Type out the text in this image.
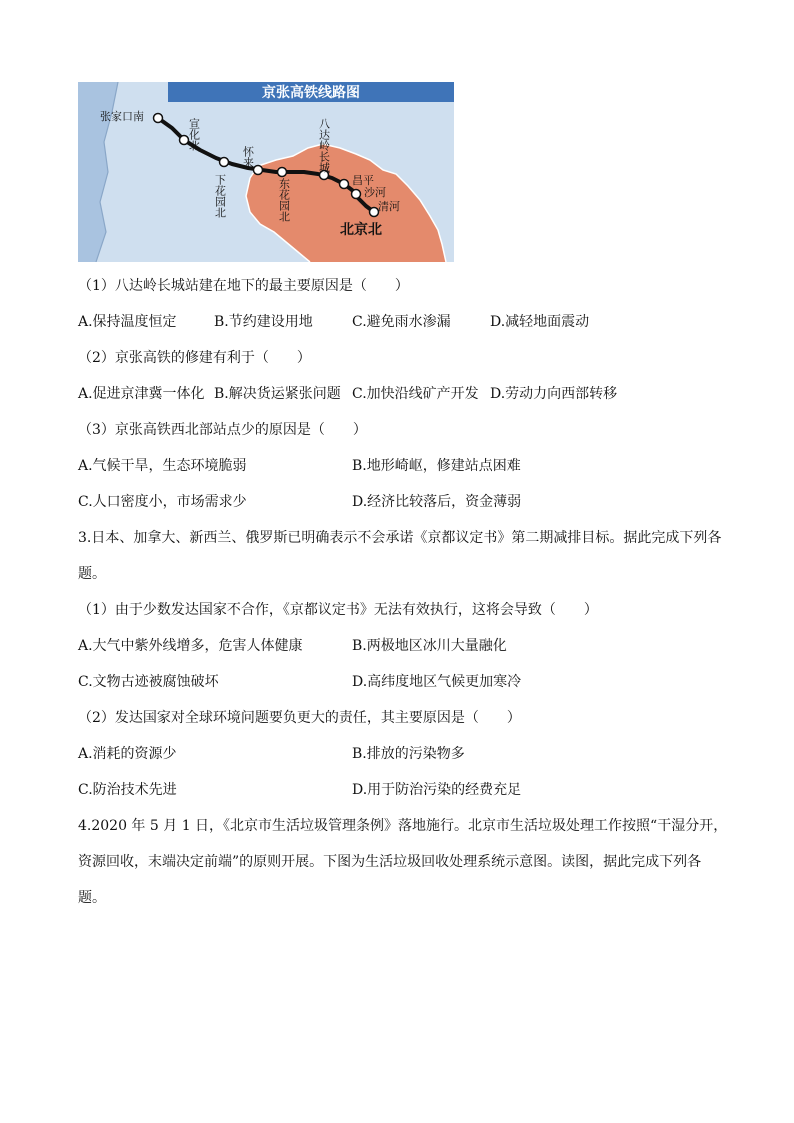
京张高铁线路图
张家口南
宣化北
下花园北
怀来
东花园北
八达岭长城
昌平
沙河
清河
北京北
（1）八达岭长城站建在地下的最主要原因是（　　）
A.保持温度恒定	B.节约建设用地	C.避免雨水渗漏	D.减轻地面震动
（2）京张高铁的修建有利于（　　）
A.促进京津冀一体化 B.解决货运紧张问题 C.加快沿线矿产开发 D.劳动力向西部转移
（3）京张高铁西北部站点少的原因是（　　）
A.气候干旱，生态环境脆弱	B.地形崎岖，修建站点困难
C.人口密度小，市场需求少	D.经济比较落后，资金薄弱
3.日本、加拿大、新西兰、俄罗斯已明确表示不会承诺《京都议定书》第二期减排目标。据此完成下列各
题。
（1）由于少数发达国家不合作，《京都议定书》无法有效执行，这将会导致（　　）
A.大气中紫外线增多，危害人体健康	B.两极地区冰川大量融化
C.文物古迹被腐蚀破坏	D.高纬度地区气候更加寒冷
（2）发达国家对全球环境问题要负更大的责任，其主要原因是（　　）
A.消耗的资源少	B.排放的污染物多
C.防治技术先进	D.用于防治污染的经费充足
4.2020 年 5 月 1 日，《北京市生活垃圾管理条例》落地施行。北京市生活垃圾处理工作按照“干湿分开，
资源回收，末端决定前端”的原则开展。下图为生活垃圾回收处理系统示意图。读图，据此完成下列各
题。
